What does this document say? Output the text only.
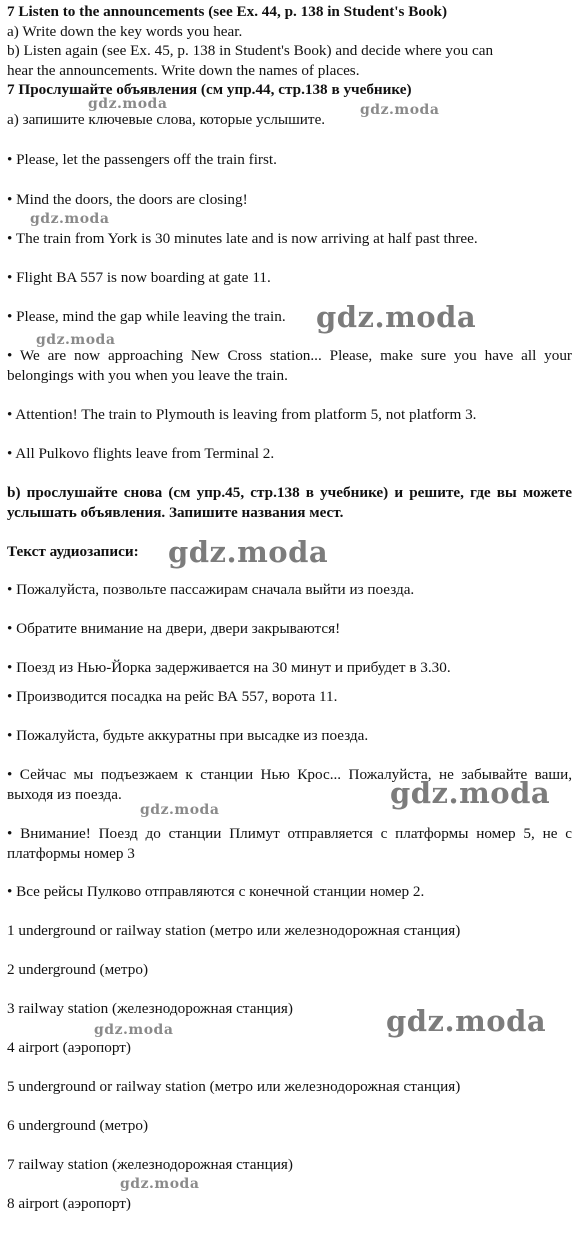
7 Listen to the announcements (see Ex. 44, p. 138 in Student's Book)
a) Write down the key words you hear.
b) Listen again (see Ex. 45, p. 138 in Student's Book) and decide where you can
hear the announcements. Write down the names of places.
7 Прослушайте объявления (см упр.44, стр.138 в учебнике)
а) запишите ключевые слова, которые услышите.
• Please, let the passengers off the train first.
• Mind the doors, the doors are closing!
• The train from York is 30 minutes late and is now arriving at half past three.
• Flight BA 557 is now boarding at gate 11.
• Please, mind the gap while leaving the train.
• We are now approaching New Cross station... Please, make sure you have all your belongings with you when you leave the train.
• Attention! The train to Plymouth is leaving from platform 5, not platform 3.
• All Pulkovo flights leave from Terminal 2.
b) прослушайте снова (см упр.45, стр.138 в учебнике) и решите, где вы можете услышать объявления. Запишите названия мест.
Текст аудиозаписи:
• Пожалуйста, позвольте пассажирам сначала выйти из поезда.
• Обратите внимание на двери, двери закрываются!
• Поезд из Нью-Йорка задерживается на 30 минут и прибудет в 3.30.
• Производится посадка на рейс ВА 557, ворота 11.
• Пожалуйста, будьте аккуратны при высадке из поезда.
• Сейчас мы подъезжаем к станции Нью Крос... Пожалуйста, не забывайте ваши, выходя из поезда.
• Внимание! Поезд до станции Плимут отправляется с платформы номер 5, не с платформы номер 3
• Все рейсы Пулково отправляются с конечной станции номер 2.
1 underground or railway station (метро или железнодорожная станция)
2 underground (метро)
3 railway station (железнодорожная станция)
4 airport (аэропорт)
5 underground or railway station (метро или железнодорожная станция)
6 underground (метро)
7 railway station (железнодорожная станция)
8 airport (аэропорт)
gdz.moda	gdz.moda
gdz.moda
gdz.moda
gdz.moda
gdz.moda
gdz.moda	gdz.moda
gdz.moda	gdz.moda
gdz.moda
